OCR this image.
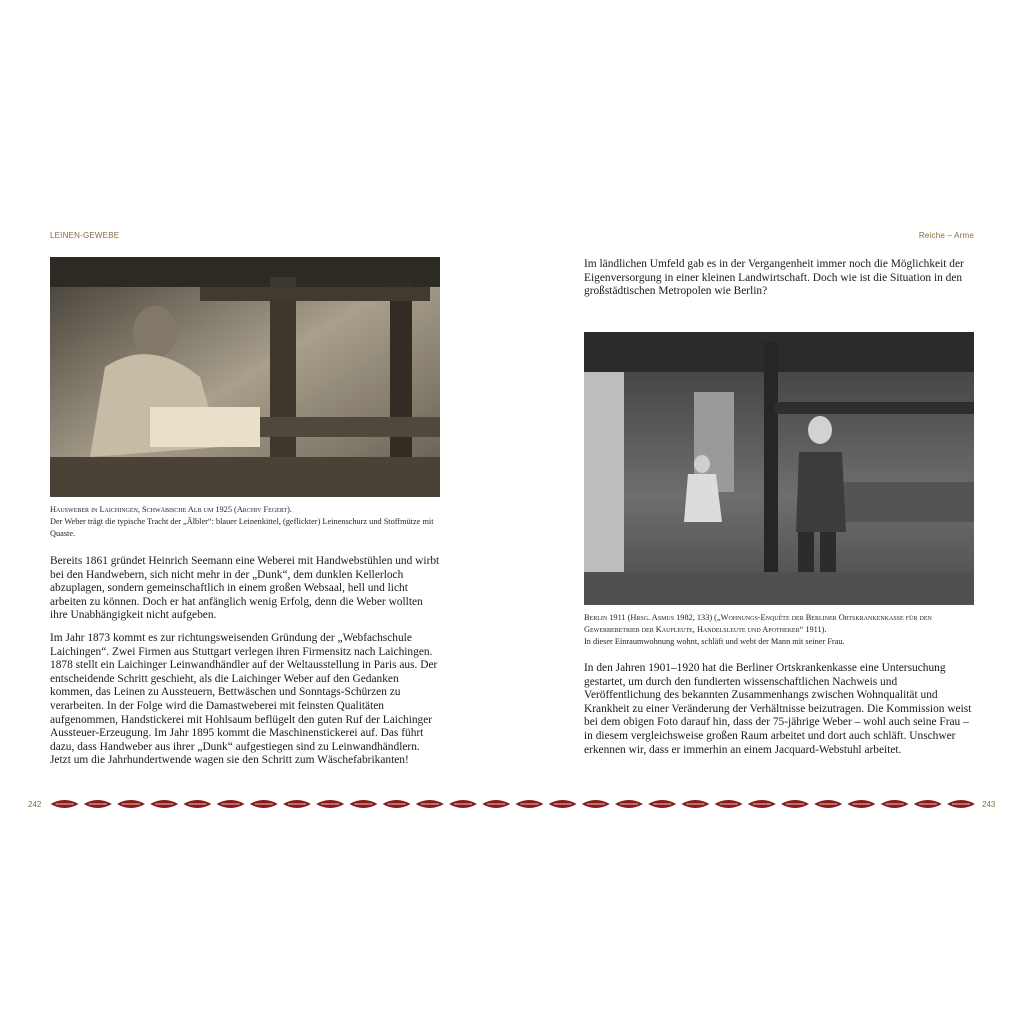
LEINEN-GEWEBE	Reiche – Arme
Hausweber in Laichingen, Schwäbische Alb um 1925 (Archiv Fegert).
Der Weber trägt die typische Tracht der „Älbler“: blauer Leinenkittel, (geflickter) Leinenschurz und Stoffmütze mit Quaste.

Bereits 1861 gründet Heinrich Seemann eine Weberei mit Handwebstühlen und wirbt bei den Handwebern, sich nicht mehr in der „Dunk“, dem dunklen Kellerloch abzuplagen, sondern gemeinschaftlich in einem großen Websaal, hell und licht arbeiten zu können. Doch er hat anfänglich wenig Erfolg, denn die Weber wollten ihre Unabhängigkeit nicht aufgeben.

Im Jahr 1873 kommt es zur richtungsweisenden Gründung der „Webfachschule Laichingen“. Zwei Firmen aus Stuttgart verlegen ihren Firmensitz nach Laichingen. 1878 stellt ein Laichinger Leinwandhändler auf der Weltausstellung in Paris aus. Der entscheidende Schritt geschieht, als die Laichinger Weber auf den Gedanken kommen, das Leinen zu Aussteuern, Bettwäschen und Sonntags-Schürzen zu verarbeiten. In der Folge wird die Damastweberei mit feinsten Qualitäten aufgenommen, Handstickerei mit Hohlsaum beflügelt den guten Ruf der Laichinger Aussteuer-Erzeugung. Im Jahr 1895 kommt die Maschinenstickerei auf. Das führt dazu, dass Handweber aus ihrer „Dunk“ aufgestiegen sind zu Leinwandhändlern. Jetzt um die Jahrhundertwende wagen sie den Schritt zum Wäschefabrikanten!

Im ländlichen Umfeld gab es in der Vergangenheit immer noch die Möglichkeit der Eigenversorgung in einer kleinen Landwirtschaft. Doch wie ist die Situation in den großstädtischen Metropolen wie Berlin?

Berlin 1911 (Hrsg. Asmus 1982, 133) („Wohnungs-Enquête der Berliner Ortskrankenkasse für den Gewerbebetrieb der Kaufleute, Handelsleute und Apotheker“ 1911).
In dieser Einraumwohnung wohnt, schläft und webt der Mann mit seiner Frau.

In den Jahren 1901–1920 hat die Berliner Ortskrankenkasse eine Untersuchung gestartet, um durch den fundierten wissenschaftlichen Nachweis und Veröffentlichung des bekannten Zusammenhangs zwischen Wohnqualität und Krankheit zu einer Veränderung der Verhältnisse beizutragen. Die Kommission weist bei dem obigen Foto darauf hin, dass der 75-jährige Weber – wohl auch seine Frau – in diesem vergleichsweise großen Raum arbeitet und dort auch schläft. Unschwer erkennen wir, dass er immerhin an einem Jacquard-Webstuhl arbeitet.

242	243
